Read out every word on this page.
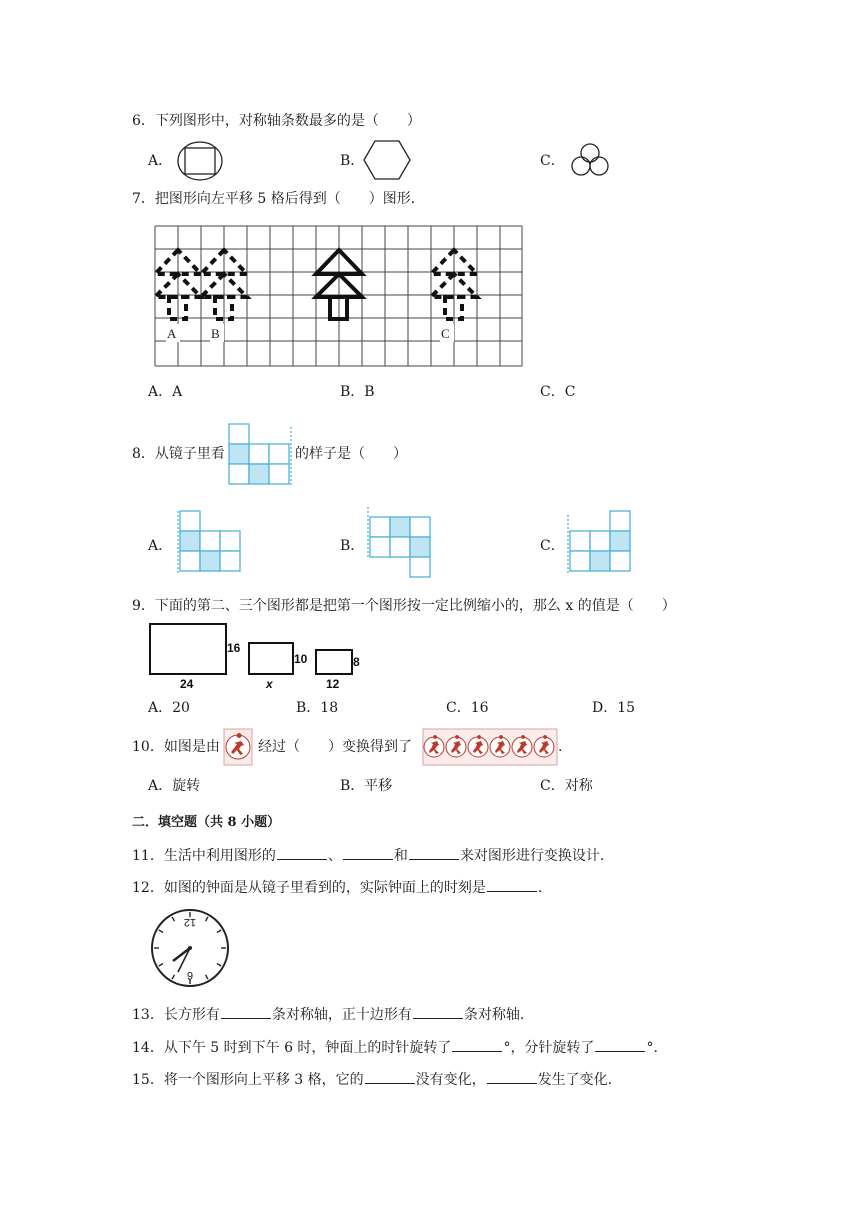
6．下列图形中，对称轴条数最多的是（　　）
A．	B．	C．
7．把图形向左平移 5 格后得到（　　）图形．
A	B	C
A．A	B．B	C．C
8．从镜子里看	的样子是（　　）
A．	B．	C．
9．下面的第二、三个图形都是把第一个图形按一定比例缩小的，那么 x 的值是（　　）
16
24
10
x
8
12
A．20	B．18	C．16	D．15
10．如图是由	经过（　　）变换得到了	.
A．旋转	B．平移	C．对称
二．填空题（共 8 小题）
11．生活中利用图形的	、	和	来对图形进行变换设计.
12．如图的钟面是从镜子里看到的，实际钟面上的时刻是	.
12
6
13．长方形有	条对称轴，正十边形有	条对称轴.
14．从下午 5 时到下午 6 时，钟面上的时针旋转了	°，分针旋转了	°.
15．将一个图形向上平移 3 格，它的	没有变化，	发生了变化.
